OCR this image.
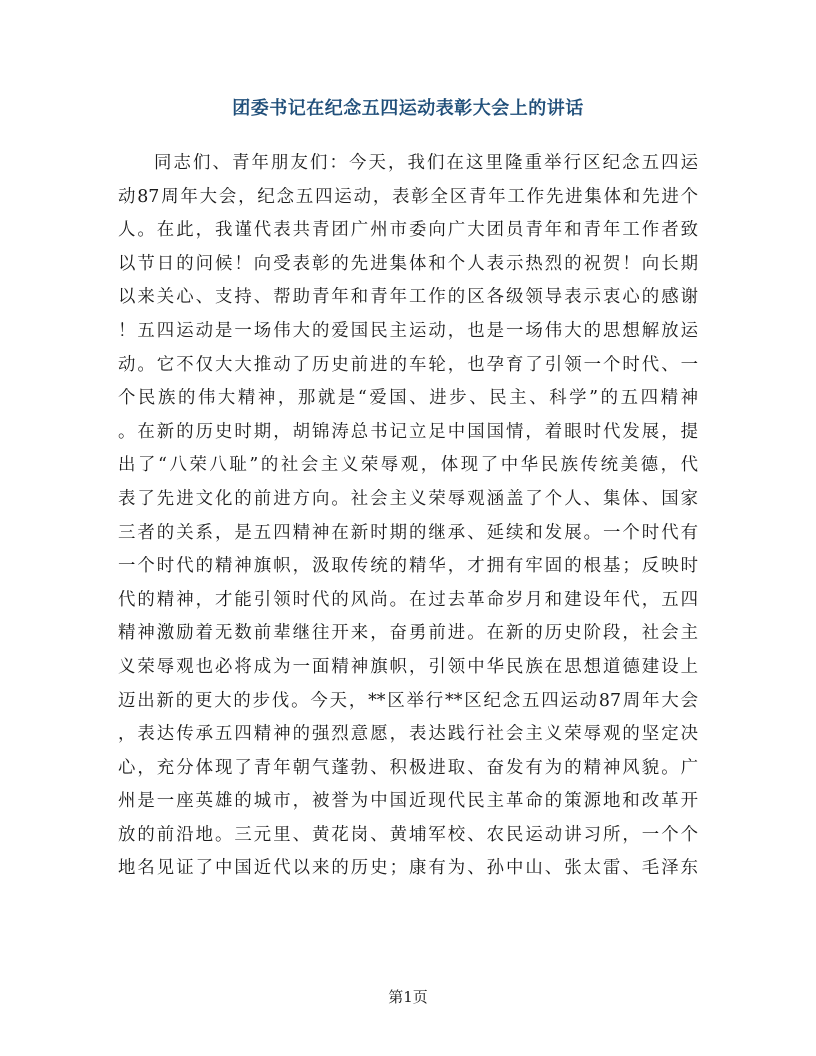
团委书记在纪念五四运动表彰大会上的讲话
同志们、青年朋友们：今天，我们在这里隆重举行区纪念五四运
动87周年大会，纪念五四运动，表彰全区青年工作先进集体和先进个
人。在此，我谨代表共青团广州市委向广大团员青年和青年工作者致
以节日的问候！向受表彰的先进集体和个人表示热烈的祝贺！向长期
以来关心、支持、帮助青年和青年工作的区各级领导表示衷心的感谢
！五四运动是一场伟大的爱国民主运动，也是一场伟大的思想解放运
动。它不仅大大推动了历史前进的车轮，也孕育了引领一个时代、一
个民族的伟大精神，那就是“爱国、进步、民主、科学”的五四精神
。在新的历史时期，胡锦涛总书记立足中国国情，着眼时代发展，提
出了“八荣八耻”的社会主义荣辱观，体现了中华民族传统美德，代
表了先进文化的前进方向。社会主义荣辱观涵盖了个人、集体、国家
三者的关系，是五四精神在新时期的继承、延续和发展。一个时代有
一个时代的精神旗帜，汲取传统的精华，才拥有牢固的根基；反映时
代的精神，才能引领时代的风尚。在过去革命岁月和建设年代，五四
精神激励着无数前辈继往开来，奋勇前进。在新的历史阶段，社会主
义荣辱观也必将成为一面精神旗帜，引领中华民族在思想道德建设上
迈出新的更大的步伐。今天，**区举行**区纪念五四运动87周年大会
，表达传承五四精神的强烈意愿，表达践行社会主义荣辱观的坚定决
心，充分体现了青年朝气蓬勃、积极进取、奋发有为的精神风貌。广
州是一座英雄的城市，被誉为中国近现代民主革命的策源地和改革开
放的前沿地。三元里、黄花岗、黄埔军校、农民运动讲习所，一个个
地名见证了中国近代以来的历史；康有为、孙中山、张太雷、毛泽东
第1页
